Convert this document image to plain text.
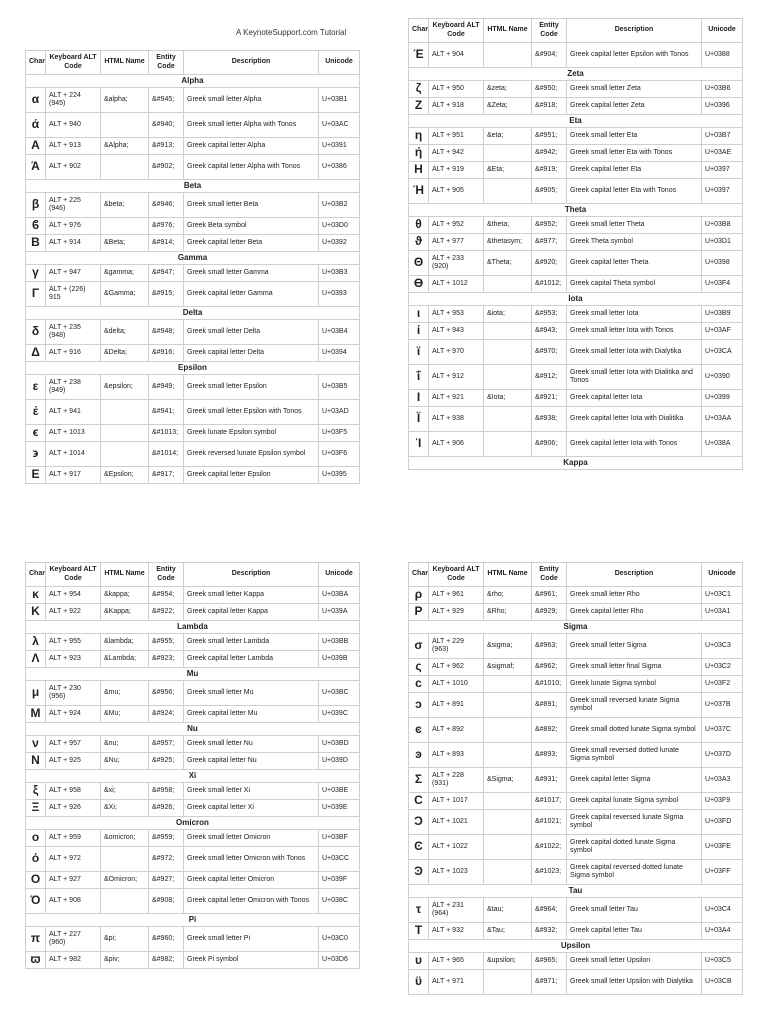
A KeynoteSupport.com Tutorial
Char	Keyboard ALT Code	HTML Name	Entity Code	Description	Unicode
Alpha					
α	ALT + 224 (945)	&alpha;	&#945;	Greek small letter Alpha	U+03B1
ά	ALT + 940		&#940;	Greek small letter Alpha with Tonos	U+03AC
Α	ALT + 913	&Alpha;	&#913;	Greek capital letter Alpha	U+0391
Ά	ALT + 902		&#902;	Greek capital letter Alpha with Tonos	U+0386
Beta					
β	ALT + 225 (946)	&beta;	&#946;	Greek small letter Beta	U+03B2
ϐ	ALT + 976		&#976;	Greek Beta symbol	U+03D0
Β	ALT + 914	&Beta;	&#914;	Greek capital letter Beta	U+0392
Gamma					
γ	ALT + 947	&gamma;	&#947;	Greek small letter Gamma	U+03B3
Γ	ALT + (226) 915	&Gamma;	&#915;	Greek capital letter Gamma	U+0393
Delta					
δ	ALT + 235 (948)	&delta;	&#948;	Greek small letter Delta	U+03B4
Δ	ALT + 916	&Delta;	&#916;	Greek capital letter Delta	U+0394
Epsilon					
ε	ALT + 238 (949)	&epsilon;	&#949;	Greek small letter Epsilon	U+03B5
έ	ALT + 941		&#941;	Greek small letter Epsilon with Tonos	U+03AD
ϵ	ALT + 1013		&#1013;	Greek lunate Epsilon symbol	U+03F5
϶	ALT + 1014		&#1014;	Greek reversed lunate Epsilon symbol	U+03F6
Ε	ALT + 917	&Epsilon;	&#917;	Greek capital letter Epsilon	U+0395
Char	Keyboard ALT Code	HTML Name	Entity Code	Description	Unicode
Έ	ALT + 904		&#904;	Greek capital letter Epsilon with Tonos	U+0388
Zeta					
ζ	ALT + 950	&zeta;	&#950;	Greek small letter Zeta	U+03B6
Ζ	ALT + 918	&Zeta;	&#918;	Greek capital letter Zeta	U+0396
Eta					
η	ALT + 951	&eta;	&#951;	Greek small letter Eta	U+03B7
ή	ALT + 942		&#942;	Greek small letter Eta with Tonos	U+03AE
Η	ALT + 919	&Eta;	&#919;	Greek capital letter Eta	U+0397
Ή	ALT + 905		&#905;	Greek capital letter Eta with Tonos	U+0397
Theta					
θ	ALT + 952	&theta;	&#952;	Greek small letter Theta	U+03B8
ϑ	ALT + 977	&thetasym;	&#977;	Greek Theta symbol	U+03D1
Θ	ALT + 233 (920)	&Theta;	&#920;	Greek capital letter Theta	U+0398
ϴ	ALT + 1012		&#1012;	Greek capital Theta symbol	U+03F4
Iota					
ι	ALT + 953	&iota;	&#953;	Greek small letter Iota	U+03B9
ί	ALT + 943		&#943;	Greek small letter Iota with Tonos	U+03AF
ϊ	ALT + 970		&#970;	Greek small letter Iota with Dialytika	U+03CA
ΐ	ALT + 912		&#912;	Greek small letter Iota with Dialitika and Tonos	U+0390
Ι	ALT + 921	&Iota;	&#921;	Greek capital letter Iota	U+0399
Ϊ	ALT + 938		&#938;	Greek capital letter Iota with Dialitika	U+03AA
Ί	ALT + 906		&#906;	Greek capital letter Iota with Tonos	U+038A
Kappa					
Char	Keyboard ALT Code	HTML Name	Entity Code	Description	Unicode
κ	ALT + 954	&kappa;	&#954;	Greek small letter Kappa	U+03BA
Κ	ALT + 922	&Kappa;	&#922;	Greek capital letter Kappa	U+039A
Lambda					
λ	ALT + 955	&lambda;	&#955;	Greek small letter Lambda	U+03BB
Λ	ALT + 923	&Lambda;	&#923;	Greek capital letter Lambda	U+039B
Mu					
μ	ALT + 230 (956)	&mu;	&#956;	Greek small letter Mu	U+03BC
Μ	ALT + 924	&Mu;	&#924;	Greek capital letter Mu	U+039C
Nu					
ν	ALT + 957	&nu;	&#957;	Greek small letter Nu	U+03BD
Ν	ALT + 925	&Nu;	&#925;	Greek capital letter Nu	U+039D
Xi					
ξ	ALT + 958	&xi;	&#958;	Greek small letter Xi	U+03BE
Ξ	ALT + 926	&Xi;	&#926;	Greek capital letter Xi	U+039E
Omicron					
ο	ALT + 959	&omicron;	&#959;	Greek small letter Omicron	U+03BF
ό	ALT + 972		&#972;	Greek small letter Omicron with Tonos	U+03CC
Ο	ALT + 927	&Omicron;	&#927;	Greek capital letter Omicron	U+039F
Ό	ALT + 908		&#908;	Greek capital letter Omicron with Tonos	U+038C
Pi					
π	ALT + 227 (960)	&pi;	&#960;	Greek small letter Pi	U+03C0
ϖ	ALT + 982	&piv;	&#982;	Greek Pi symbol	U+03D6
Char	Keyboard ALT Code	HTML Name	Entity Code	Description	Unicode
ρ	ALT + 961	&rho;	&#961;	Greek small letter Rho	U+03C1
Ρ	ALT + 929	&Rho;	&#929;	Greek capital letter Rho	U+03A1
Sigma					
σ	ALT + 229 (963)	&sigma;	&#963;	Greek small letter Sigma	U+03C3
ς	ALT + 962	&sigmaf;	&#962;	Greek small letter final Sigma	U+03C2
ϲ	ALT + 1010		&#1010;	Greek lunate Sigma symbol	U+03F2
ͻ	ALT + 891		&#891;	Greek small reversed lunate Sigma symbol	U+037B
ͼ	ALT + 892		&#892;	Greek small dotted lunate Sigma symbol	U+037C
ͽ	ALT + 893		&#893;	Greek small reversed dotted lunate Sigma symbol	U+037D
Σ	ALT + 228 (931)	&Sigma;	&#931;	Greek capital letter Sigma	U+03A3
Ϲ	ALT + 1017		&#1017;	Greek capital lunate Sigma symbol	U+03F9
Ͻ	ALT + 1021		&#1021;	Greek capital reversed lunate Sigma symbol	U+03FD
Ͼ	ALT + 1022		&#1022;	Greek capital dotted lunate Sigma symbol	U+03FE
Ͽ	ALT + 1023		&#1023;	Greek capital reversed dotted lunate Sigma symbol	U+03FF
Tau					
τ	ALT + 231 (964)	&tau;	&#964;	Greek small letter Tau	U+03C4
Τ	ALT + 932	&Tau;	&#932;	Greek capital letter Tau	U+03A4
Upsilon					
υ	ALT + 965	&upsilon;	&#965;	Greek small letter Upsilon	U+03C5
ϋ	ALT + 971		&#971;	Greek small letter Upsilon with Dialytika	U+03CB
